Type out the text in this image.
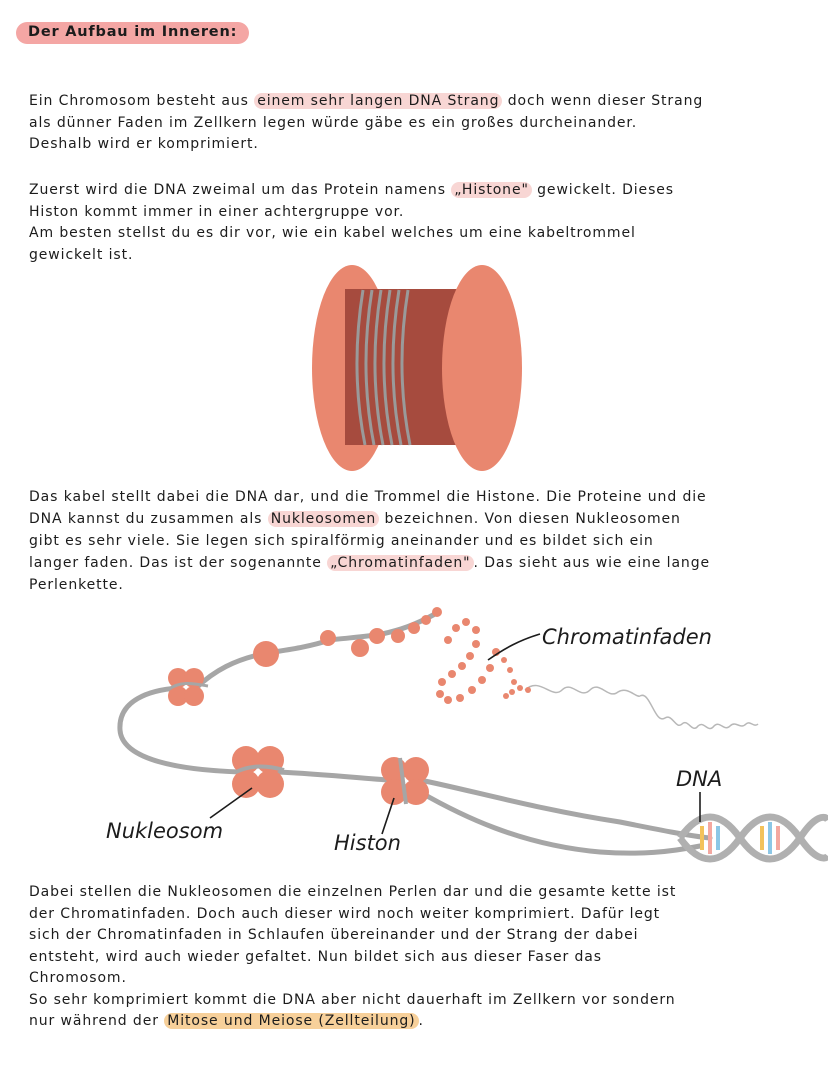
Der Aufbau im Inneren:

Ein Chromosom besteht aus einem sehr langen DNA Strang doch wenn dieser Strang
als dünner Faden im Zellkern legen würde gäbe es ein großes durcheinander.
Deshalb wird er komprimiert.

Zuerst wird die DNA zweimal um das Protein namens „Histone" gewickelt. Dieses
Histon kommt immer in einer achtergruppe vor.
Am besten stellst du es dir vor, wie ein kabel welches um eine kabeltrommel
gewickelt ist.

Das kabel stellt dabei die DNA dar, und die Trommel die Histone. Die Proteine und die
DNA kannst du zusammen als Nukleosomen bezeichnen. Von diesen Nukleosomen
gibt es sehr viele. Sie legen sich spiralförmig aneinander und es bildet sich ein
langer faden. Das ist der sogenannte „Chromatinfaden" . Das sieht aus wie eine lange
Perlenkette.

Chromatinfaden
DNA
Nukleosom	Histon

Dabei stellen die Nukleosomen die einzelnen Perlen dar und die gesamte kette ist
der Chromatinfaden. Doch auch dieser wird noch weiter komprimiert. Dafür legt
sich der Chromatinfaden in Schlaufen übereinander und der Strang der dabei
entsteht, wird auch wieder gefaltet. Nun bildet sich aus dieser Faser das
Chromosom.
So sehr komprimiert kommt die DNA aber nicht dauerhaft im Zellkern vor sondern
nur während der Mitose und Meiose (Zellteilung) .
